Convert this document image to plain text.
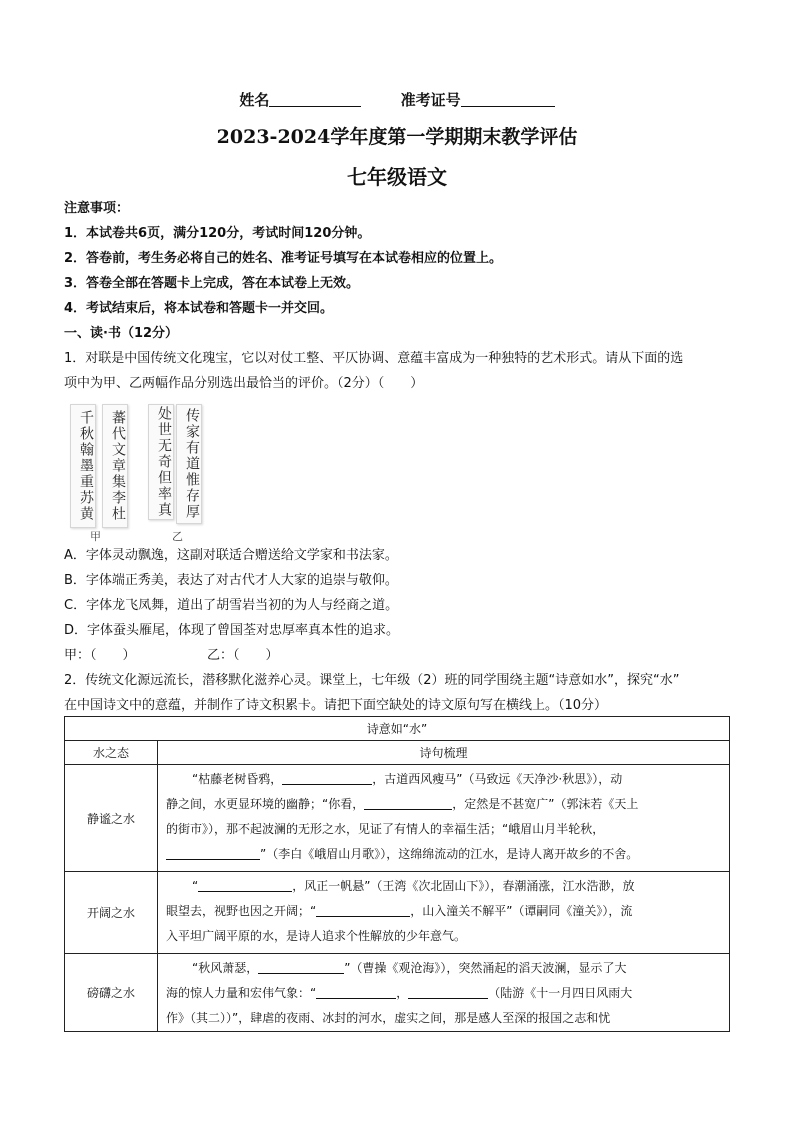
姓名	准考证号
2023-2024学年度第一学期期末教学评估
七年级语文
注意事项：
1．本试卷共6页，满分120分，考试时间120分钟。
2．答卷前，考生务必将自己的姓名、准考证号填写在本试卷相应的位置上。
3．答卷全部在答题卡上完成，答在本试卷上无效。
4．考试结束后，将本试卷和答题卡一并交回。
一、读·书（12分）
1．对联是中国传统文化瑰宝，它以对仗工整、平仄协调、意蕴丰富成为一种独特的艺术形式。请从下面的选
项中为甲、乙两幅作品分别选出最恰当的评价。（2分）（　　）
千秋翰墨重苏黄	蕃代文章集李杜
甲
处世无奇但率真 传家有道惟存厚
乙
A．字体灵动飘逸，这副对联适合赠送给文学家和书法家。
B．字体端正秀美，表达了对古代才人大家的追崇与敬仰。
C．字体龙飞凤舞，道出了胡雪岩当初的为人与经商之道。
D．字体蚕头雁尾，体现了曾国荃对忠厚率真本性的追求。
甲：（　　）　　　　　　乙：（　　）
2．传统文化源远流长，潜移默化滋养心灵。课堂上，七年级（2）班的同学围绕主题“诗意如水”，探究“水”
在中国诗文中的意蕴，并制作了诗文积累卡。请把下面空缺处的诗文原句写在横线上。（10分）
诗意如“水”	
水之态	诗句梳理
静谧之水	“枯藤老树昏鸦， ，古道西风瘦马”（马致远《天净沙·秋思》），动
静之间，水更显环境的幽静；“你看， ，定然是不甚宽广”（郭沫若《天上
的街市》），那不起波澜的无形之水，见证了有情人的幸福生活；“峨眉山月半轮秋，
”（李白《峨眉山月歌》），这绵绵流动的江水，是诗人离开故乡的不舍。

开阔之水	“ ，风正一帆悬”（王湾《次北固山下》），春潮涌涨，江水浩渺，放
眼望去，视野也因之开阔；“ ，山入潼关不解平”（谭嗣同《潼关》），流
入平坦广阔平原的水，是诗人追求个性解放的少年意气。

磅礴之水	“秋风萧瑟， ”（曹操《观沧海》），突然涌起的滔天波澜，显示了大
海的惊人力量和宏伟气象：“ ， （陆游《十一月四日风雨大
作》（其二））”，肆虐的夜雨、冰封的河水，虚实之间，那是感人至深的报国之志和忧
